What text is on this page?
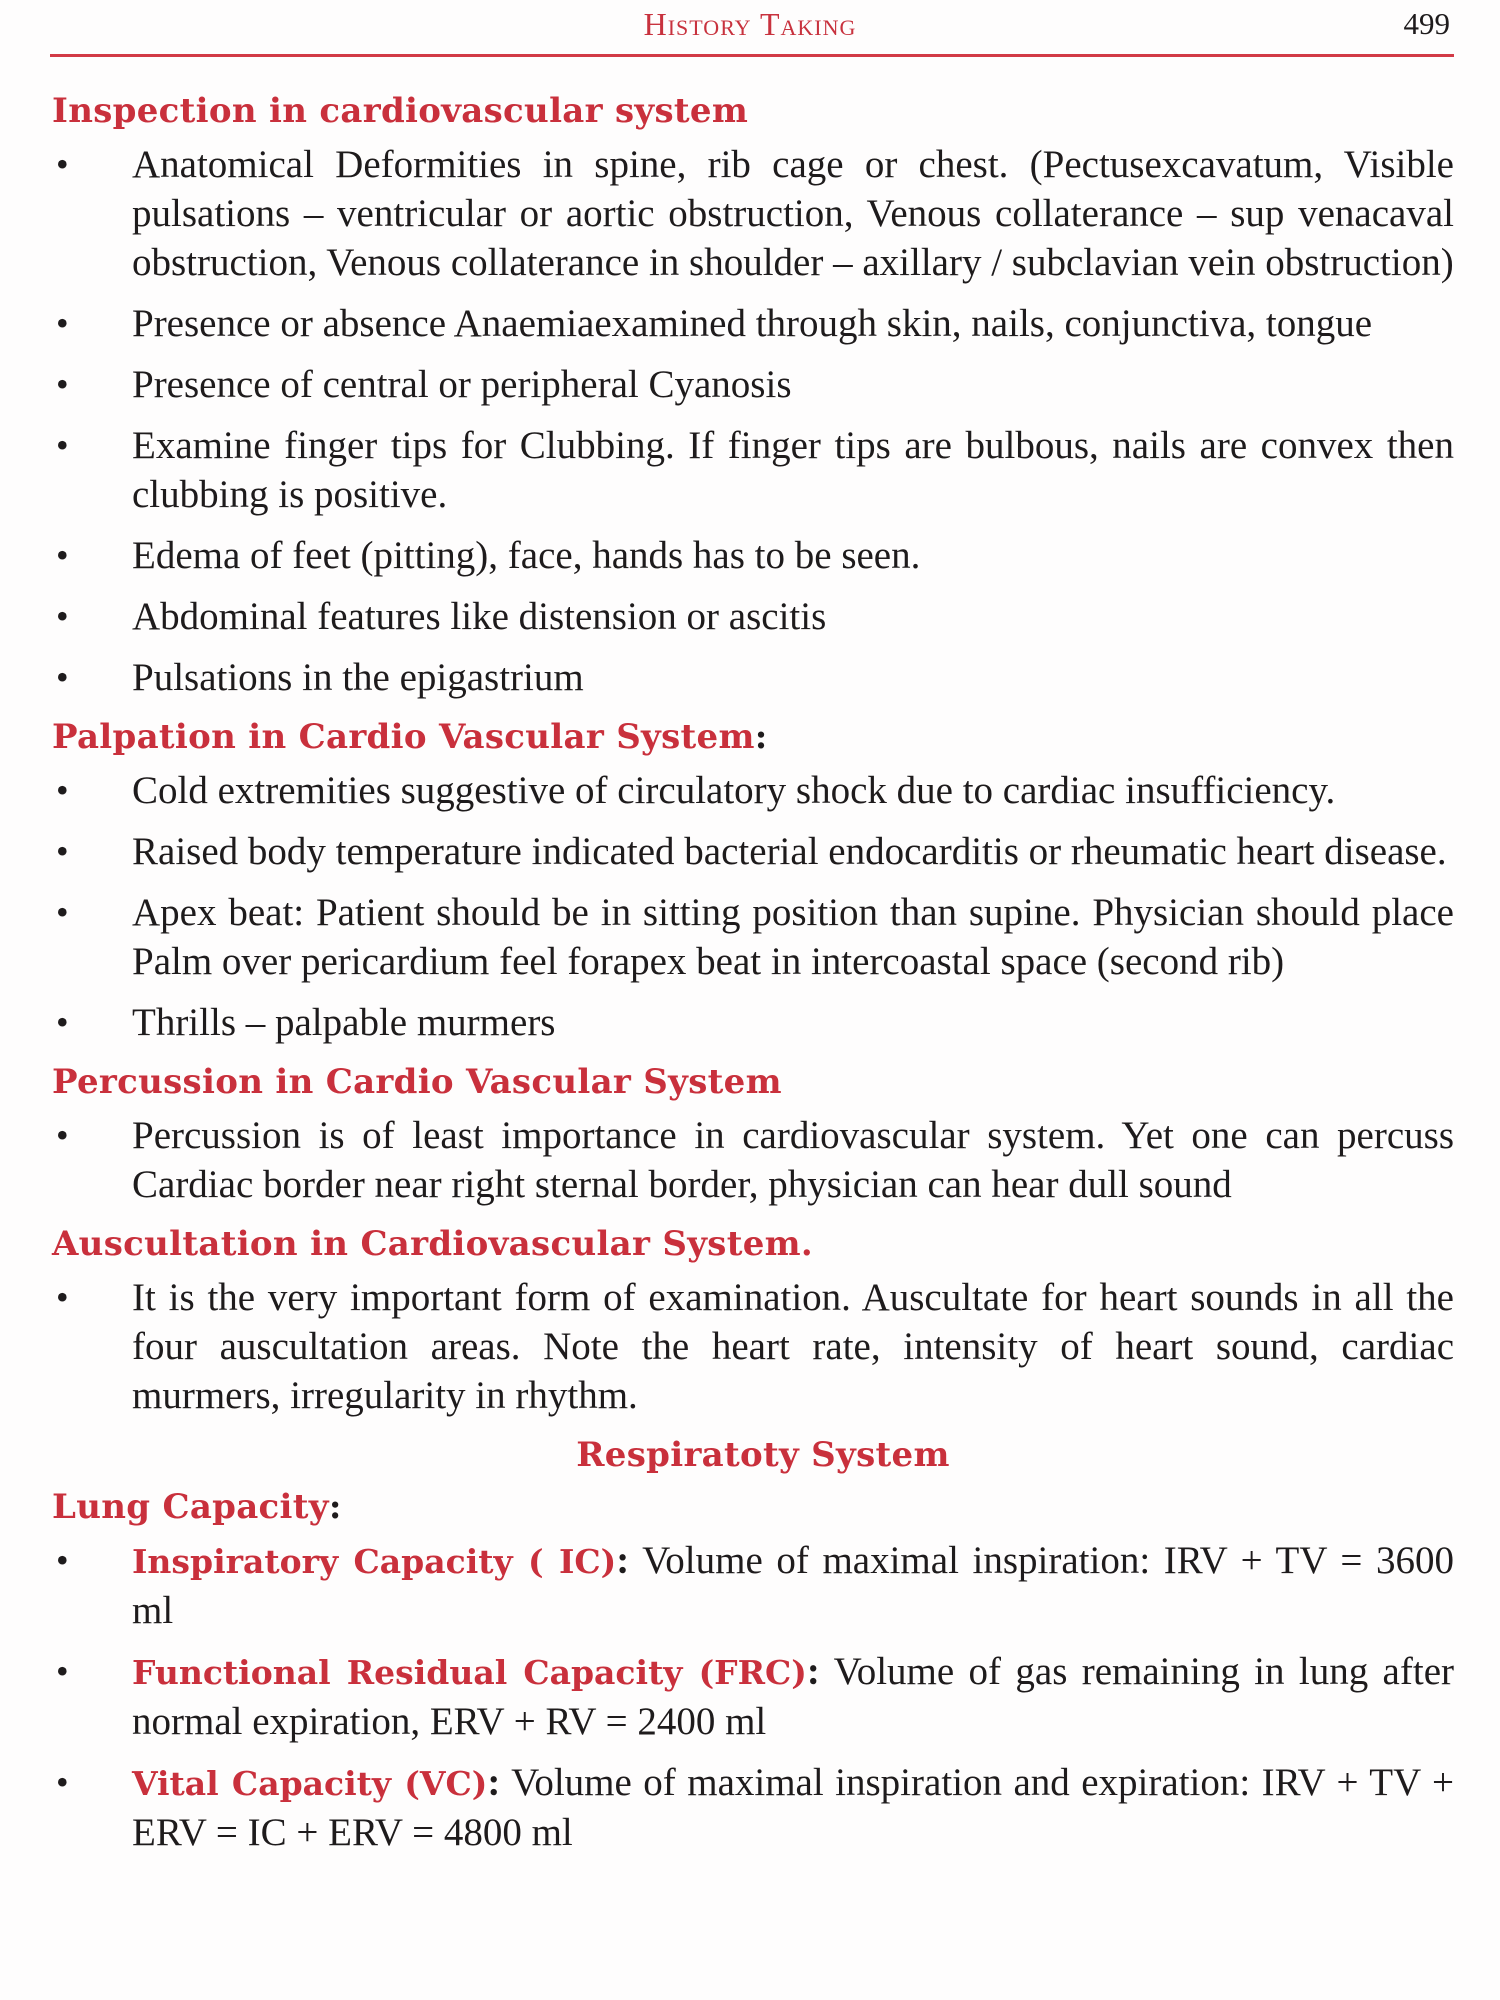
History Taking	499
Inspection in cardiovascular system
• Anatomical Deformities in spine, rib cage or chest. (Pectusexcavatum, Visible pulsations – ventricular or aortic obstruction, Venous collaterance – sup venacaval obstruction, Venous collaterance in shoulder – axillary / subclavian vein obstruction)
• Presence or absence Anaemiaexamined through skin, nails, conjunctiva, tongue
• Presence of central or peripheral Cyanosis
• Examine finger tips for Clubbing. If finger tips are bulbous, nails are convex then clubbing is positive.
• Edema of feet (pitting), face, hands has to be seen.
• Abdominal features like distension or ascitis
• Pulsations in the epigastrium
Palpation in Cardio Vascular System:
• Cold extremities suggestive of circulatory shock due to cardiac insufficiency.
• Raised body temperature indicated bacterial endocarditis or rheumatic heart disease.
• Apex beat: Patient should be in sitting position than supine. Physician should place Palm over pericardium feel forapex beat in intercoastal space (second rib)
• Thrills – palpable murmers
Percussion in Cardio Vascular System
• Percussion is of least importance in cardiovascular system. Yet one can percuss Cardiac border near right sternal border, physician can hear dull sound
Auscultation in Cardiovascular System.
• It is the very important form of examination. Auscultate for heart sounds in all the four auscultation areas. Note the heart rate, intensity of heart sound, cardiac murmers, irregularity in rhythm.
Respiratoty System
Lung Capacity:
• Inspiratory Capacity ( IC): Volume of maximal inspiration: IRV + TV = 3600 ml
• Functional Residual Capacity (FRC): Volume of gas remaining in lung after normal expiration, ERV + RV = 2400 ml
• Vital Capacity (VC): Volume of maximal inspiration and expiration: IRV + TV + ERV = IC + ERV = 4800 ml
